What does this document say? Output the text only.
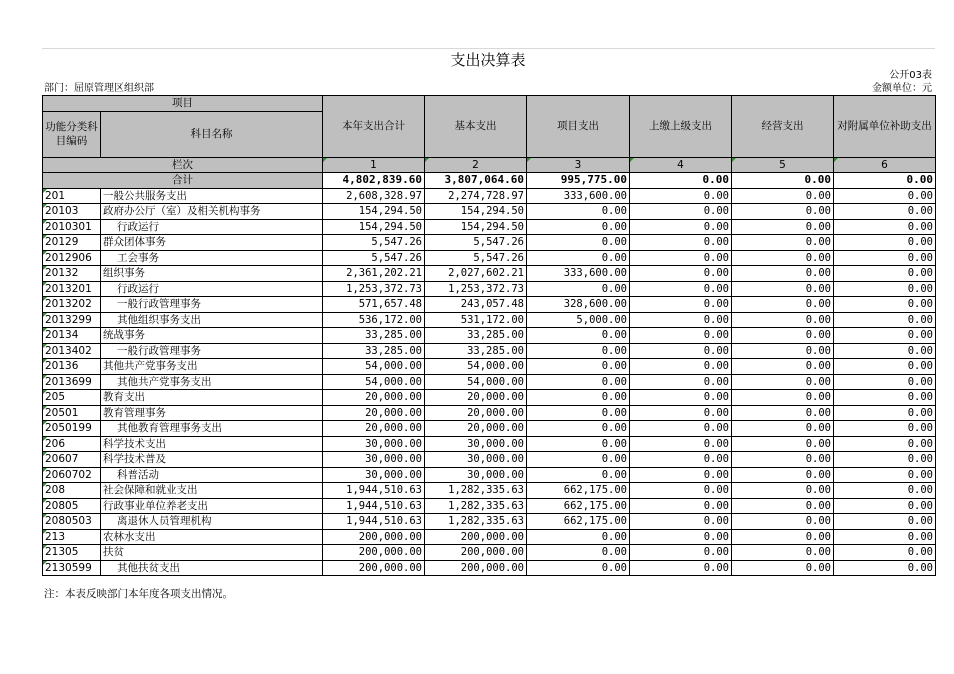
支出决算表
公开03表
部门：屈原管理区组织部	金额单位：元
项目		本年支出合计	基本支出	项目支出	上缴上级支出	经营支出	对附属单位补助支出
功能分类科目编码	科目名称						
栏次		1	2	3	4	5	6
合计		4,802,839.60	3,807,064.60	995,775.00	0.00	0.00	0.00
201	一般公共服务支出	2,608,328.97	2,274,728.97	333,600.00	0.00	0.00	0.00
20103	政府办公厅（室）及相关机构事务	154,294.50	154,294.50	0.00	0.00	0.00	0.00
2010301	行政运行	154,294.50	154,294.50	0.00	0.00	0.00	0.00
20129	群众团体事务	5,547.26	5,547.26	0.00	0.00	0.00	0.00
2012906	工会事务	5,547.26	5,547.26	0.00	0.00	0.00	0.00
20132	组织事务	2,361,202.21	2,027,602.21	333,600.00	0.00	0.00	0.00
2013201	行政运行	1,253,372.73	1,253,372.73	0.00	0.00	0.00	0.00
2013202	一般行政管理事务	571,657.48	243,057.48	328,600.00	0.00	0.00	0.00
2013299	其他组织事务支出	536,172.00	531,172.00	5,000.00	0.00	0.00	0.00
20134	统战事务	33,285.00	33,285.00	0.00	0.00	0.00	0.00
2013402	一般行政管理事务	33,285.00	33,285.00	0.00	0.00	0.00	0.00
20136	其他共产党事务支出	54,000.00	54,000.00	0.00	0.00	0.00	0.00
2013699	其他共产党事务支出	54,000.00	54,000.00	0.00	0.00	0.00	0.00
205	教育支出	20,000.00	20,000.00	0.00	0.00	0.00	0.00
20501	教育管理事务	20,000.00	20,000.00	0.00	0.00	0.00	0.00
2050199	其他教育管理事务支出	20,000.00	20,000.00	0.00	0.00	0.00	0.00
206	科学技术支出	30,000.00	30,000.00	0.00	0.00	0.00	0.00
20607	科学技术普及	30,000.00	30,000.00	0.00	0.00	0.00	0.00
2060702	科普活动	30,000.00	30,000.00	0.00	0.00	0.00	0.00
208	社会保障和就业支出	1,944,510.63	1,282,335.63	662,175.00	0.00	0.00	0.00
20805	行政事业单位养老支出	1,944,510.63	1,282,335.63	662,175.00	0.00	0.00	0.00
2080503	离退休人员管理机构	1,944,510.63	1,282,335.63	662,175.00	0.00	0.00	0.00
213	农林水支出	200,000.00	200,000.00	0.00	0.00	0.00	0.00
21305	扶贫	200,000.00	200,000.00	0.00	0.00	0.00	0.00
2130599	其他扶贫支出	200,000.00	200,000.00	0.00	0.00	0.00	0.00
注：本表反映部门本年度各项支出情况。
